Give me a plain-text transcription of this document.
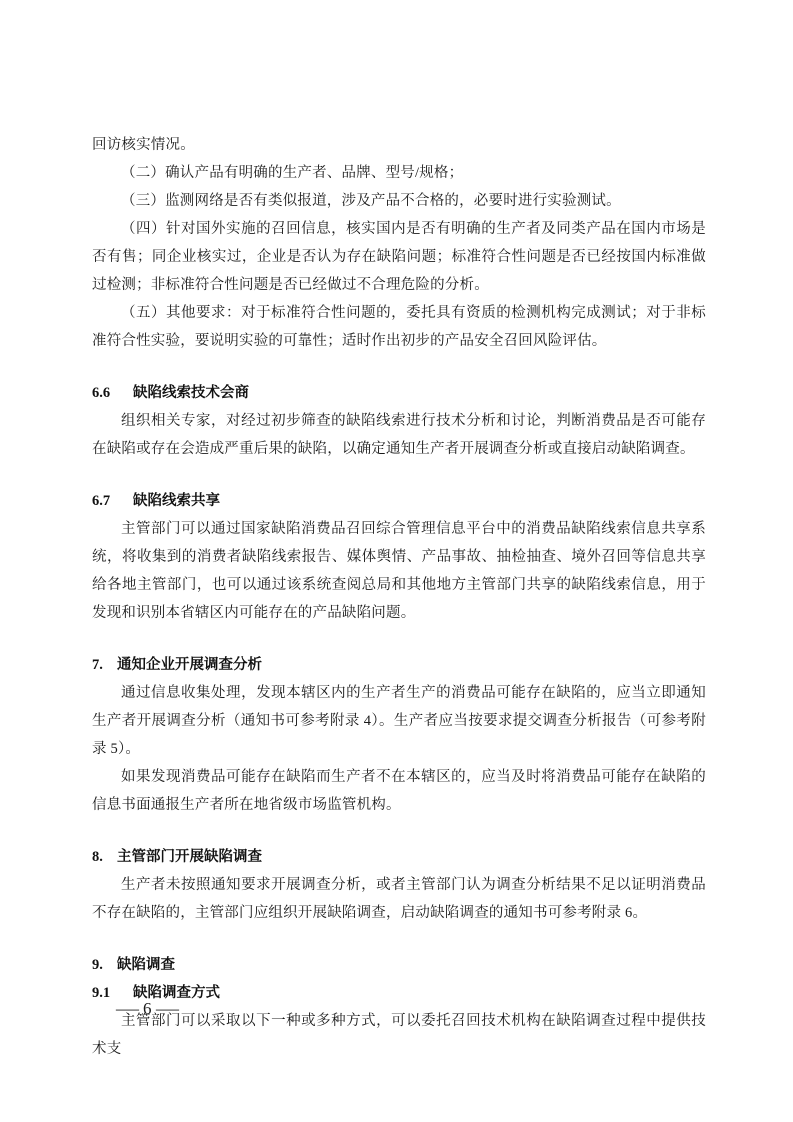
回访核实情况。

（二）确认产品有明确的生产者、品牌、型号/规格；

（三）监测网络是否有类似报道，涉及产品不合格的，必要时进行实验测试。

（四）针对国外实施的召回信息，核实国内是否有明确的生产者及同类产品在国内市场是否有售；同企业核实过，企业是否认为存在缺陷问题；标准符合性问题是否已经按国内标准做过检测；非标准符合性问题是否已经做过不合理危险的分析。

（五）其他要求：对于标准符合性问题的，委托具有资质的检测机构完成测试；对于非标准符合性实验，要说明实验的可靠性；适时作出初步的产品安全召回风险评估。

6.6 缺陷线索技术会商

组织相关专家，对经过初步筛查的缺陷线索进行技术分析和讨论，判断消费品是否可能存在缺陷或存在会造成严重后果的缺陷，以确定通知生产者开展调查分析或直接启动缺陷调查。

6.7 缺陷线索共享

主管部门可以通过国家缺陷消费品召回综合管理信息平台中的消费品缺陷线索信息共享系统，将收集到的消费者缺陷线索报告、媒体舆情、产品事故、抽检抽查、境外召回等信息共享给各地主管部门，也可以通过该系统查阅总局和其他地方主管部门共享的缺陷线索信息，用于发现和识别本省辖区内可能存在的产品缺陷问题。

7. 通知企业开展调查分析

通过信息收集处理，发现本辖区内的生产者生产的消费品可能存在缺陷的，应当立即通知生产者开展调查分析（通知书可参考附录 4）。生产者应当按要求提交调查分析报告（可参考附录 5）。

如果发现消费品可能存在缺陷而生产者不在本辖区的，应当及时将消费品可能存在缺陷的信息书面通报生产者所在地省级市场监管机构。

8. 主管部门开展缺陷调查

生产者未按照通知要求开展调查分析，或者主管部门认为调查分析结果不足以证明消费品不存在缺陷的，主管部门应组织开展缺陷调查，启动缺陷调查的通知书可参考附录 6。

9. 缺陷调查
9.1 缺陷调查方式

主管部门可以采取以下一种或多种方式，可以委托召回技术机构在缺陷调查过程中提供技术支

— 6 —
